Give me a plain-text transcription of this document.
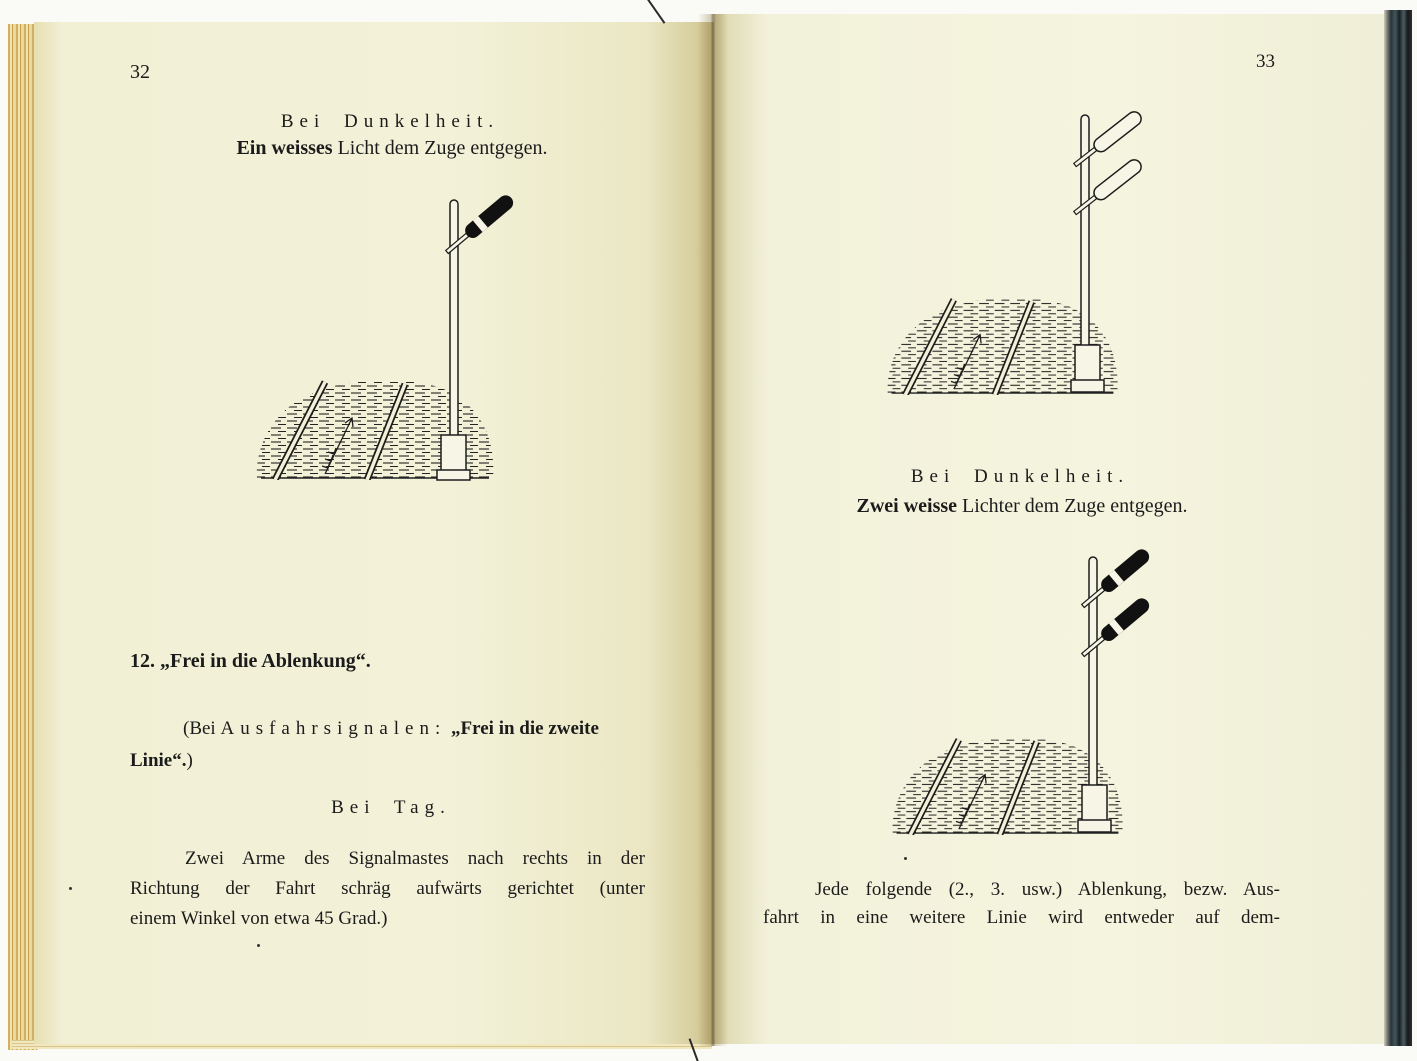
32
Bei Dunkelheit.
Ein weisses Licht dem Zuge entgegen.
12. „Frei in die Ablenkung“.
(Bei Ausfahrsignalen: „Frei in die zweite
Linie“.)
Bei Tag.
Zwei Arme des Signalmastes nach rechts in der
Richtung der Fahrt schräg aufwärts gerichtet (unter
einem Winkel von etwa 45 Grad.)
33
Bei Dunkelheit.
Zwei weisse Lichter dem Zuge entgegen.
Jede folgende (2., 3. usw.) Ablenkung, bezw. Aus-
fahrt in eine weitere Linie wird entweder auf dem-
